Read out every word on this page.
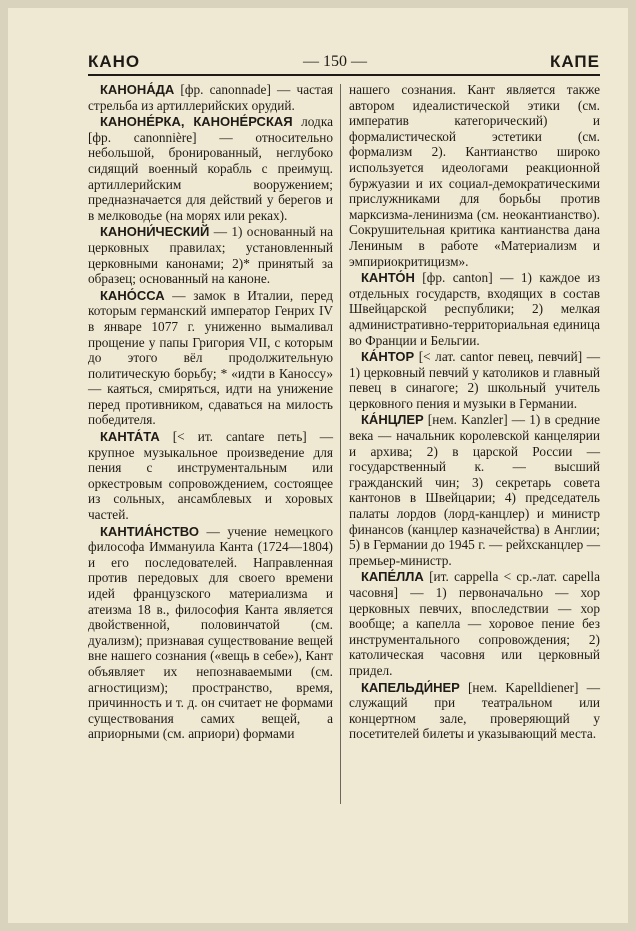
КАНО	— 150 —	КАПЕ

КАНОНА́ДА [фр. canonnade] — частая стрельба из артиллерийских орудий.

КАНОНЕ́РКА, КАНОНЕ́РСКАЯ лодка [фр. canonnière] — относительно небольшой, бронированный, неглубоко сидящий военный корабль с преимущ. артиллерийским вооружением; предназначается для действий у берегов и в мелководье (на морях или реках).

КАНОНИ́ЧЕСКИЙ — 1) основанный на церковных правилах; установленный церковными канонами; 2)* принятый за образец; основанный на каноне.

КАНО́ССА — замок в Италии, перед которым германский император Генрих IV в январе 1077 г. униженно вымаливал прощение у папы Григория VII, с которым до этого вёл продолжительную политическую борьбу; * «идти в Каноссу» — каяться, смиряться, идти на унижение перед противником, сдаваться на милость победителя.

КАНТА́ТА [< ит. cantare петь] — крупное музыкальное произведение для пения с инструментальным или оркестровым сопровождением, состоящее из сольных, ансамблевых и хоровых частей.

КАНТИА́НСТВО — учение немецкого философа Иммануила Канта (1724—1804) и его последователей. Направленная против передовых для своего времени идей французского материализма и атеизма 18 в., философия Канта является двойственной, половинчатой (см. дуализм); признавая существование вещей вне нашего сознания («вещь в себе»), Кант объявляет их непознаваемыми (см. агностицизм); пространство, время, причинность и т. д. он считает не формами существования самих вещей, а априорными (см. априори) формами

нашего сознания. Кант является также автором идеалистической этики (см. императив категорический) и формалистической эстетики (см. формализм 2). Кантианство широко используется идеологами реакционной буржуазии и их социал-демократическими прислужниками для борьбы против марксизма-ленинизма (см. неокантианство). Сокрушительная критика кантианства дана Лениным в работе «Материализм и эмпириокритицизм».

КАНТО́Н [фр. canton] — 1) каждое из отдельных государств, входящих в состав Швейцарской республики; 2) мелкая административно-территориальная единица во Франции и Бельгии.

КА́НТОР [< лат. cantor певец, певчий] — 1) церковный певчий у католиков и главный певец в синагоге; 2) школьный учитель церковного пения и музыки в Германии.

КА́НЦЛЕР [нем. Kanzler] — 1) в средние века — начальник королевской канцелярии и архива; 2) в царской России — государственный к. — высший гражданский чин; 3) секретарь совета кантонов в Швейцарии; 4) председатель палаты лордов (лорд-канцлер) и министр финансов (канцлер казначейства) в Англии; 5) в Германии до 1945 г. — рейхсканцлер — премьер-министр.

КАПЕ́ЛЛА [ит. cappella < ср.-лат. capella часовня] — 1) первоначально — хор церковных певчих, впоследствии — хор вообще; а капелла — хоровое пение без инструментального сопровождения; 2) католическая часовня или церковный придел.

КАПЕЛЬДИ́НЕР [нем. Kapelldiener] — служащий при театральном или концертном зале, проверяющий у посетителей билеты и указывающий места.
